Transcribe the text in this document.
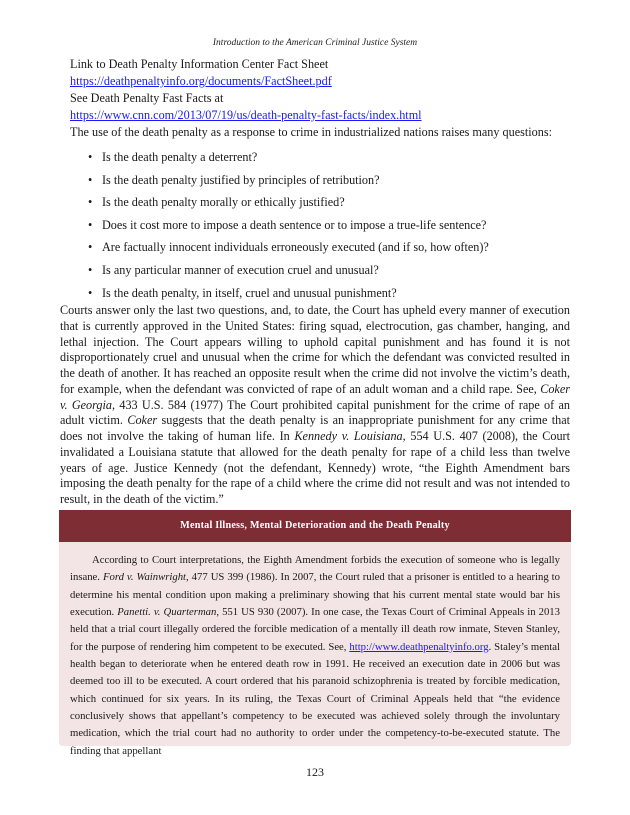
Introduction to the American Criminal Justice System
Link to Death Penalty Information Center Fact Sheet
https://deathpenaltyinfo.org/documents/FactSheet.pdf
See Death Penalty Fast Facts at
https://www.cnn.com/2013/07/19/us/death-penalty-fast-facts/index.html
The use of the death penalty as a response to crime in industrialized nations raises many questions:
• Is the death penalty a deterrent?
• Is the death penalty justified by principles of retribution?
• Is the death penalty morally or ethically justified?
• Does it cost more to impose a death sentence or to impose a true-life sentence?
• Are factually innocent individuals erroneously executed (and if so, how often)?
• Is any particular manner of execution cruel and unusual?
• Is the death penalty, in itself, cruel and unusual punishment?

Courts answer only the last two questions, and, to date, the Court has upheld every manner of execution that is currently approved in the United States: firing squad, electrocution, gas chamber, hanging, and lethal injection. The Court appears willing to uphold capital punishment and has found it is not disproportionately cruel and unusual when the crime for which the defendant was convicted resulted in the death of another. It has reached an opposite result when the crime did not involve the victim’s death, for example, when the defendant was convicted of rape of an adult woman and a child rape. See, Coker v. Georgia, 433 U.S. 584 (1977) The Court prohibited capital punishment for the crime of rape of an adult victim. Coker suggests that the death penalty is an inappropriate punishment for any crime that does not involve the taking of human life. In Kennedy v. Louisiana, 554 U.S. 407 (2008), the Court invalidated a Louisiana statute that allowed for the death penalty for rape of a child less than twelve years of age. Justice Kennedy (not the defendant, Kennedy) wrote, “the Eighth Amendment bars imposing the death penalty for the rape of a child where the crime did not result and was not intended to result, in the death of the victim.”

Mental Illness, Mental Deterioration and the Death Penalty
According to Court interpretations, the Eighth Amendment forbids the execution of someone who is legally insane. Ford v. Wainwright, 477 US 399 (1986). In 2007, the Court ruled that a prisoner is entitled to a hearing to determine his mental condition upon making a preliminary showing that his current mental state would bar his execution. Panetti. v. Quarterman, 551 US 930 (2007). In one case, the Texas Court of Criminal Appeals in 2013 held that a trial court illegally ordered the forcible medication of a mentally ill death row inmate, Steven Stanley, for the purpose of rendering him competent to be executed. See, http://www.deathpenaltyinfo.org. Staley’s mental health began to deteriorate when he entered death row in 1991. He received an execution date in 2006 but was deemed too ill to be executed. A court ordered that his paranoid schizophrenia is treated by forcible medication, which continued for six years. In its ruling, the Texas Court of Criminal Appeals held that “the evidence conclusively shows that appellant’s competency to be executed was achieved solely through the involuntary medication, which the trial court had no authority to order under the competency-to-be-executed statute. The finding that appellant
123
